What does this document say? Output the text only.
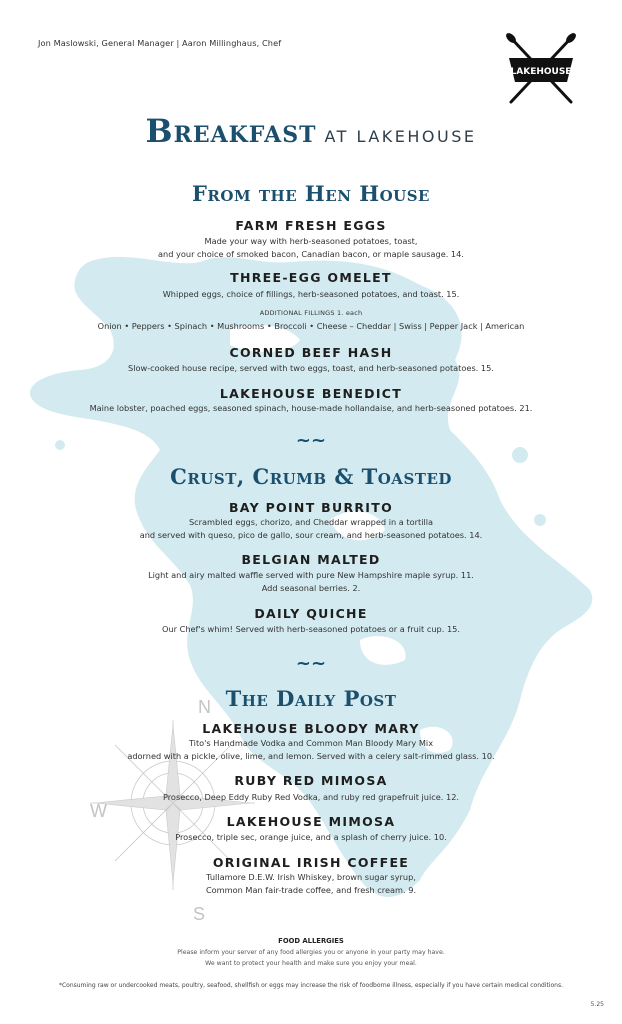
N
W
S
Jon Maslowski, General Manager | Aaron Millinghaus, Chef
LAKEHOUSE
Breakfast AT LAKEHOUSE
From the Hen House
FARM FRESH EGGS
Made your way with herb-seasoned potatoes, toast,
and your choice of smoked bacon, Canadian bacon, or maple sausage. 14.
THREE-EGG OMELET
Whipped eggs, choice of fillings, herb-seasoned potatoes, and toast. 15.
ADDITIONAL FILLINGS 1. each
Onion • Peppers • Spinach • Mushrooms • Broccoli • Cheese – Cheddar | Swiss | Pepper Jack | American
CORNED BEEF HASH
Slow-cooked house recipe, served with two eggs, toast, and herb-seasoned potatoes. 15.
LAKEHOUSE BENEDICT
Maine lobster, poached eggs, seasoned spinach, house-made hollandaise, and herb-seasoned potatoes. 21.
~~
Crust, Crumb & Toasted
BAY POINT BURRITO
Scrambled eggs, chorizo, and Cheddar wrapped in a tortilla
and served with queso, pico de gallo, sour cream, and herb-seasoned potatoes. 14.
BELGIAN MALTED
Light and airy malted waffle served with pure New Hampshire maple syrup. 11.
Add seasonal berries. 2.
DAILY QUICHE
Our Chef's whim! Served with herb-seasoned potatoes or a fruit cup. 15.
~~
The Daily Post
LAKEHOUSE BLOODY MARY
Tito's Handmade Vodka and Common Man Bloody Mary Mix
adorned with a pickle, olive, lime, and lemon. Served with a celery salt-rimmed glass. 10.
RUBY RED MIMOSA
Prosecco, Deep Eddy Ruby Red Vodka, and ruby red grapefruit juice. 12.
LAKEHOUSE MIMOSA
Prosecco, triple sec, orange juice, and a splash of cherry juice. 10.
ORIGINAL IRISH COFFEE
Tullamore D.E.W. Irish Whiskey, brown sugar syrup,
Common Man fair-trade coffee, and fresh cream. 9.
FOOD ALLERGIES
Please inform your server of any food allergies you or anyone in your party may have.
We want to protect your health and make sure you enjoy your meal.
*Consuming raw or undercooked meats, poultry, seafood, shellfish or eggs may increase the risk of foodborne illness, especially if you have certain medical conditions.
5.25
